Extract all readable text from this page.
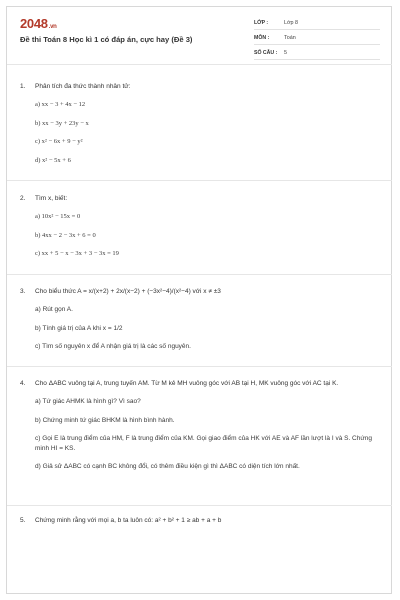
2048.vn
Đề thi Toán 8 Học kì 1 có đáp án, cực hay (Đề 3)
LỚP :	Lớp 8
MÔN :	Toán
SỐ CÂU :	5
1.	Phân tích đa thức thành nhân tử:
a) xx − 3 + 4x − 12
b) xx − 3y + 23y − x
c) x² − 6x + 9 − y²
d) x² − 5x + 6
2.	Tìm x, biết:
a) 10x² − 15x = 0
b) 4xx − 2 − 3x + 6 = 0
c) xx + 5 − x − 3x + 3 − 3x = 19
3.	Cho biểu thức A = x/(x+2) + 2x/(x−2) + (−3x²−4)/(x²−4) với x ≠ ±3
a) Rút gọn A.
b) Tính giá trị của A khi x = 1/2
c) Tìm số nguyên x để A nhận giá trị là các số nguyên.
4.	Cho ΔABC vuông tại A, trung tuyến AM. Từ M kẻ MH vuông góc với AB tại H, MK vuông góc với AC tại K.
a) Tứ giác AHMK là hình gì? Vì sao?
b) Chứng minh tứ giác BHKM là hình bình hành.
c) Gọi E là trung điểm của HM, F là trung điểm của KM. Gọi giao điểm của HK với AE và AF lần lượt là I và S. Chứng minh HI = KS.
d) Giả sử ΔABC có cạnh BC không đổi, có thêm điều kiện gì thì ΔABC có diện tích lớn nhất.
5.	Chứng minh rằng với mọi a, b ta luôn có: a² + b² + 1 ≥ ab + a + b
